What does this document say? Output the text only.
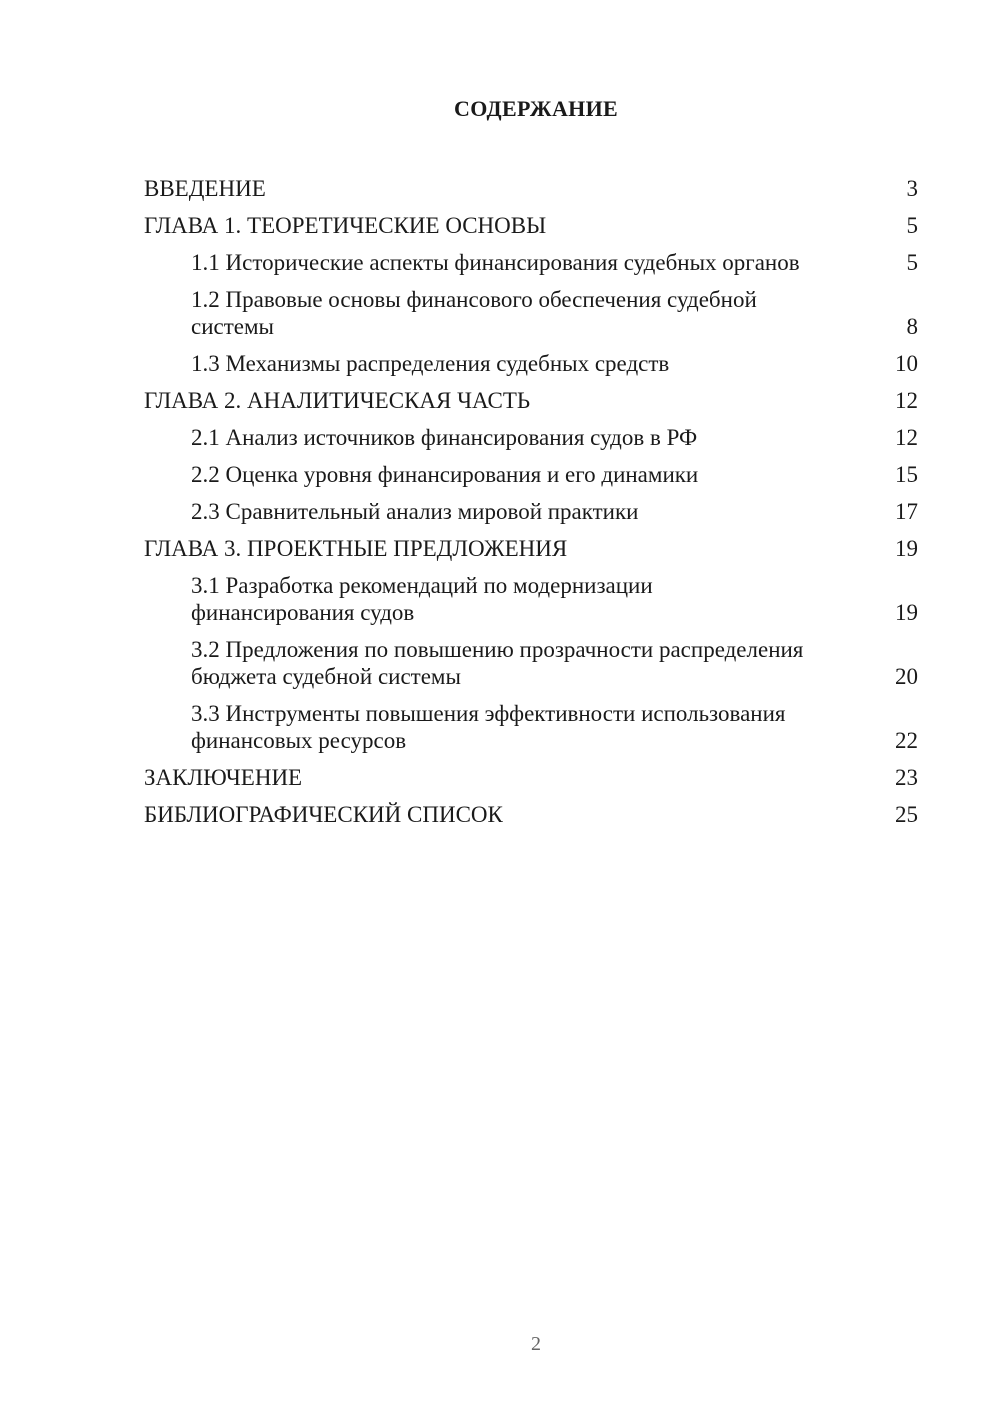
СОДЕРЖАНИЕ
ВВЕДЕНИЕ	3
ГЛАВА 1. ТЕОРЕТИЧЕСКИЕ ОСНОВЫ	5
1.1 Исторические аспекты финансирования судебных органов	5
1.2 Правовые основы финансового обеспечения судебной системы	8
1.3 Механизмы распределения судебных средств	10
ГЛАВА 2. АНАЛИТИЧЕСКАЯ ЧАСТЬ	12
2.1 Анализ источников финансирования судов в РФ	12
2.2 Оценка уровня финансирования и его динамики	15
2.3 Сравнительный анализ мировой практики	17
ГЛАВА 3. ПРОЕКТНЫЕ ПРЕДЛОЖЕНИЯ	19
3.1 Разработка рекомендаций по модернизации финансирования судов	19
3.2 Предложения по повышению прозрачности распределения бюджета судебной системы	20
3.3 Инструменты повышения эффективности использования финансовых ресурсов	22
ЗАКЛЮЧЕНИЕ	23
БИБЛИОГРАФИЧЕСКИЙ СПИСОК	25
2
